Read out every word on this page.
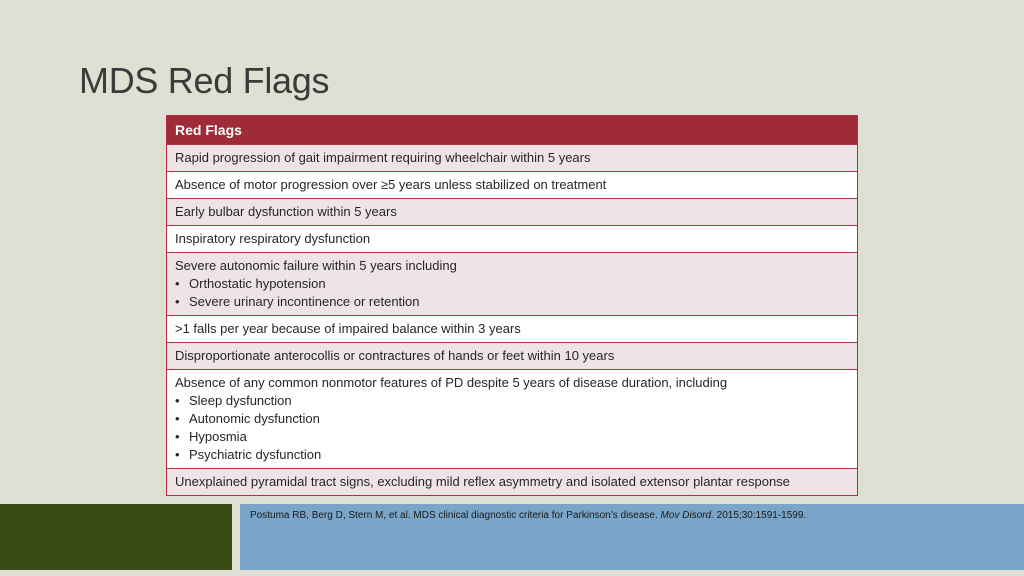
MDS Red Flags
Red Flags
Rapid progression of gait impairment requiring wheelchair within 5 years
Absence of motor progression over ≥5 years unless stabilized on treatment
Early bulbar dysfunction within 5 years
Inspiratory respiratory dysfunction
Severe autonomic failure within 5 years including
• Orthostatic hypotension
• Severe urinary incontinence or retention
>1 falls per year because of impaired balance within 3 years
Disproportionate anterocollis or contractures of hands or feet within 10 years
Absence of any common nonmotor features of PD despite 5 years of disease duration, including
• Sleep dysfunction
• Autonomic dysfunction
• Hyposmia
• Psychiatric dysfunction
Unexplained pyramidal tract signs, excluding mild reflex asymmetry and isolated extensor plantar response
Postuma RB, Berg D, Stern M, et al. MDS clinical diagnostic criteria for Parkinson’s disease. Mov Disord. 2015;30:1591-1599.
